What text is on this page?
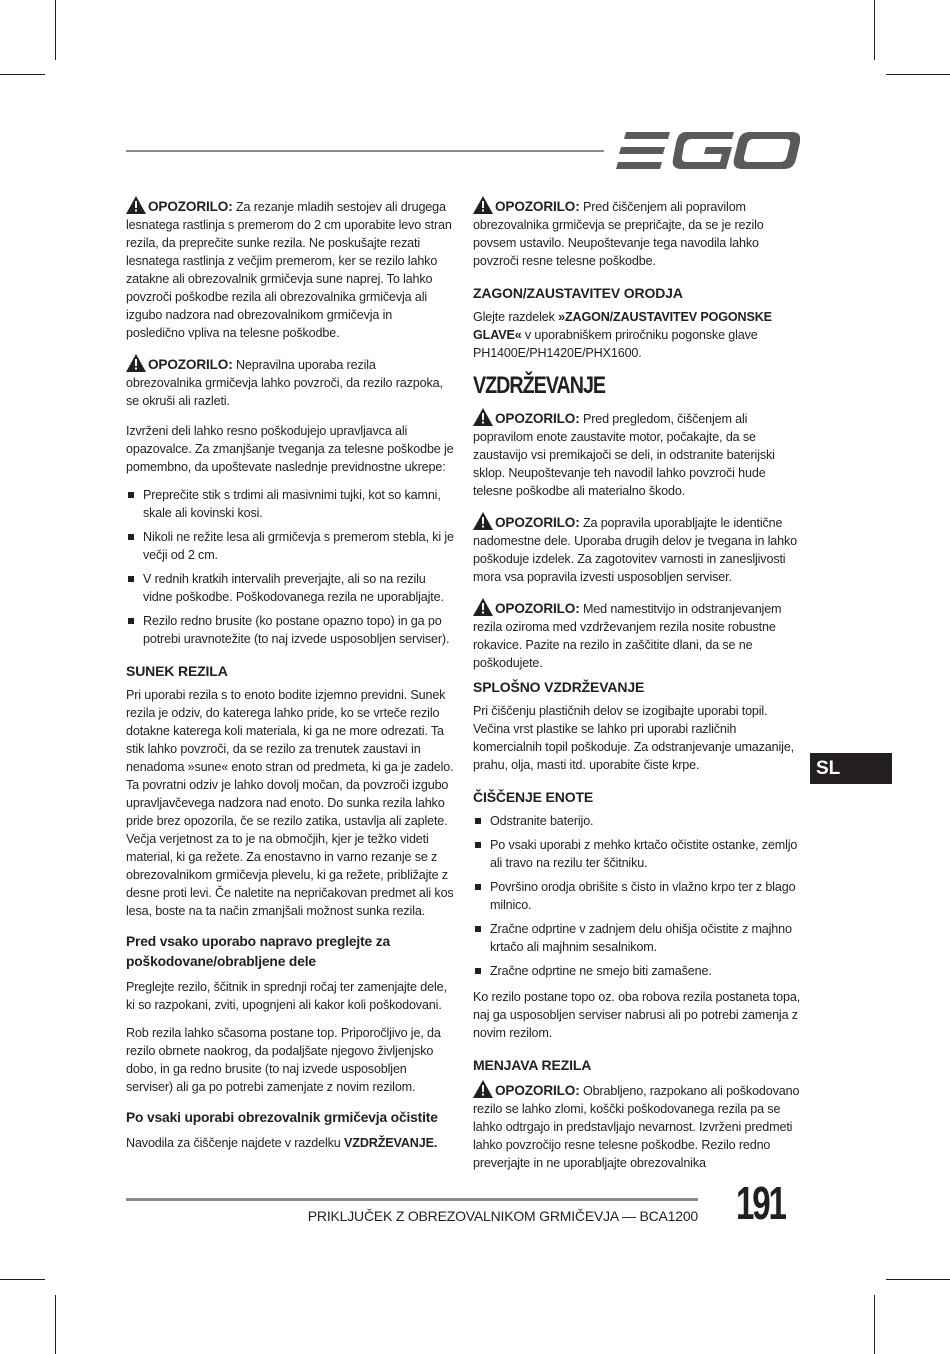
OPOZORILO: Za rezanje mladih sestojev ali drugega lesnatega rastlinja s premerom do 2 cm uporabite levo stran rezila, da preprečite sunke rezila. Ne poskušajte rezati lesnatega rastlinja z večjim premerom, ker se rezilo lahko zatakne ali obrezovalnik grmičevja sune naprej. To lahko povzroči poškodbe rezila ali obrezovalnika grmičevja ali izgubo nadzora nad obrezovalnikom grmičevja in posledično vpliva na telesne poškodbe.
OPOZORILO: Nepravilna uporaba rezila obrezovalnika grmičevja lahko povzroči, da rezilo razpoka, se okruši ali razleti.

Izvrženi deli lahko resno poškodujejo upravljavca ali opazovalce. Za zmanjšanje tveganja za telesne poškodbe je pomembno, da upoštevate naslednje previdnostne ukrepe:

Preprečite stik s trdimi ali masivnimi tujki, kot so kamni, skale ali kovinski kosi.
Nikoli ne režite lesa ali grmičevja s premerom stebla, ki je večji od 2 cm.
V rednih kratkih intervalih preverjajte, ali so na rezilu vidne poškodbe. Poškodovanega rezila ne uporabljajte.
Rezilo redno brusite (ko postane opazno topo) in ga po potrebi uravnotežite (to naj izvede usposobljen serviser).
SUNEK REZILA

Pri uporabi rezila s to enoto bodite izjemno previdni. Sunek rezila je odziv, do katerega lahko pride, ko se vrteče rezilo dotakne katerega koli materiala, ki ga ne more odrezati. Ta stik lahko povzroči, da se rezilo za trenutek zaustavi in nenadoma »sune« enoto stran od predmeta, ki ga je zadelo. Ta povratni odziv je lahko dovolj močan, da povzroči izgubo upravljavčevega nadzora nad enoto. Do sunka rezila lahko pride brez opozorila, če se rezilo zatika, ustavlja ali zaplete. Večja verjetnost za to je na območjih, kjer je težko videti material, ki ga režete. Za enostavno in varno rezanje se z obrezovalnikom grmičevja plevelu, ki ga režete, približajte z desne proti levi. Če naletite na nepričakovan predmet ali kos lesa, boste na ta način zmanjšali možnost sunka rezila.

Pred vsako uporabo napravo preglejte za poškodovane/obrabljene dele

Preglejte rezilo, ščitnik in sprednji ročaj ter zamenjajte dele, ki so razpokani, zviti, upognjeni ali kakor koli poškodovani.

Rob rezila lahko sčasoma postane top. Priporočljivo je, da rezilo obrnete naokrog, da podaljšate njegovo življenjsko dobo, in ga redno brusite (to naj izvede usposobljen serviser) ali ga po potrebi zamenjate z novim rezilom.

Po vsaki uporabi obrezovalnik grmičevja očistite

Navodila za čiščenje najdete v razdelku VZDRŽEVANJE.

OPOZORILO: Pred čiščenjem ali popravilom obrezovalnika grmičevja se prepričajte, da se je rezilo povsem ustavilo. Neupoštevanje tega navodila lahko povzroči resne telesne poškodbe.
ZAGON/ZAUSTAVITEV ORODJA

Glejte razdelek »ZAGON/ZAUSTAVITEV POGONSKE GLAVE« v uporabniškem priročniku pogonske glave PH1400E/PH1420E/PHX1600.

VZDRŽEVANJE
OPOZORILO: Pred pregledom, čiščenjem ali popravilom enote zaustavite motor, počakajte, da se zaustavijo vsi premikajoči se deli, in odstranite baterijski sklop. Neupoštevanje teh navodil lahko povzroči hude telesne poškodbe ali materialno škodo.
OPOZORILO: Za popravila uporabljajte le identične nadomestne dele. Uporaba drugih delov je tvegana in lahko poškoduje izdelek. Za zagotovitev varnosti in zanesljivosti mora vsa popravila izvesti usposobljen serviser.
OPOZORILO: Med namestitvijo in odstranjevanjem rezila oziroma med vzdrževanjem rezila nosite robustne rokavice. Pazite na rezilo in zaščitite dlani, da se ne poškodujete.
SPLOŠNO VZDRŽEVANJE

Pri čiščenju plastičnih delov se izogibajte uporabi topil. Večina vrst plastike se lahko pri uporabi različnih komercialnih topil poškoduje. Za odstranjevanje umazanije, prahu, olja, masti itd. uporabite čiste krpe.

ČIŠČENJE ENOTE
Odstranite baterijo.
Po vsaki uporabi z mehko krtačo očistite ostanke, zemljo ali travo na rezilu ter ščitniku.
Površino orodja obrišite s čisto in vlažno krpo ter z blago milnico.
Zračne odprtine v zadnjem delu ohišja očistite z majhno krtačo ali majhnim sesalnikom.
Zračne odprtine ne smejo biti zamašene.

Ko rezilo postane topo oz. oba robova rezila postaneta topa, naj ga usposobljen serviser nabrusi ali po potrebi zamenja z novim rezilom.

MENJAVA REZILA
OPOZORILO: Obrabljeno, razpokano ali poškodovano rezilo se lahko zlomi, koščki poškodovanega rezila pa se lahko odtrgajo in predstavljajo nevarnost. Izvrženi predmeti lahko povzročijo resne telesne poškodbe. Rezilo redno preverjajte in ne uporabljajte obrezovalnika
SL
PRIKLJUČEK Z OBREZOVALNIKOM GRMIČEVJA — BCA1200 191
